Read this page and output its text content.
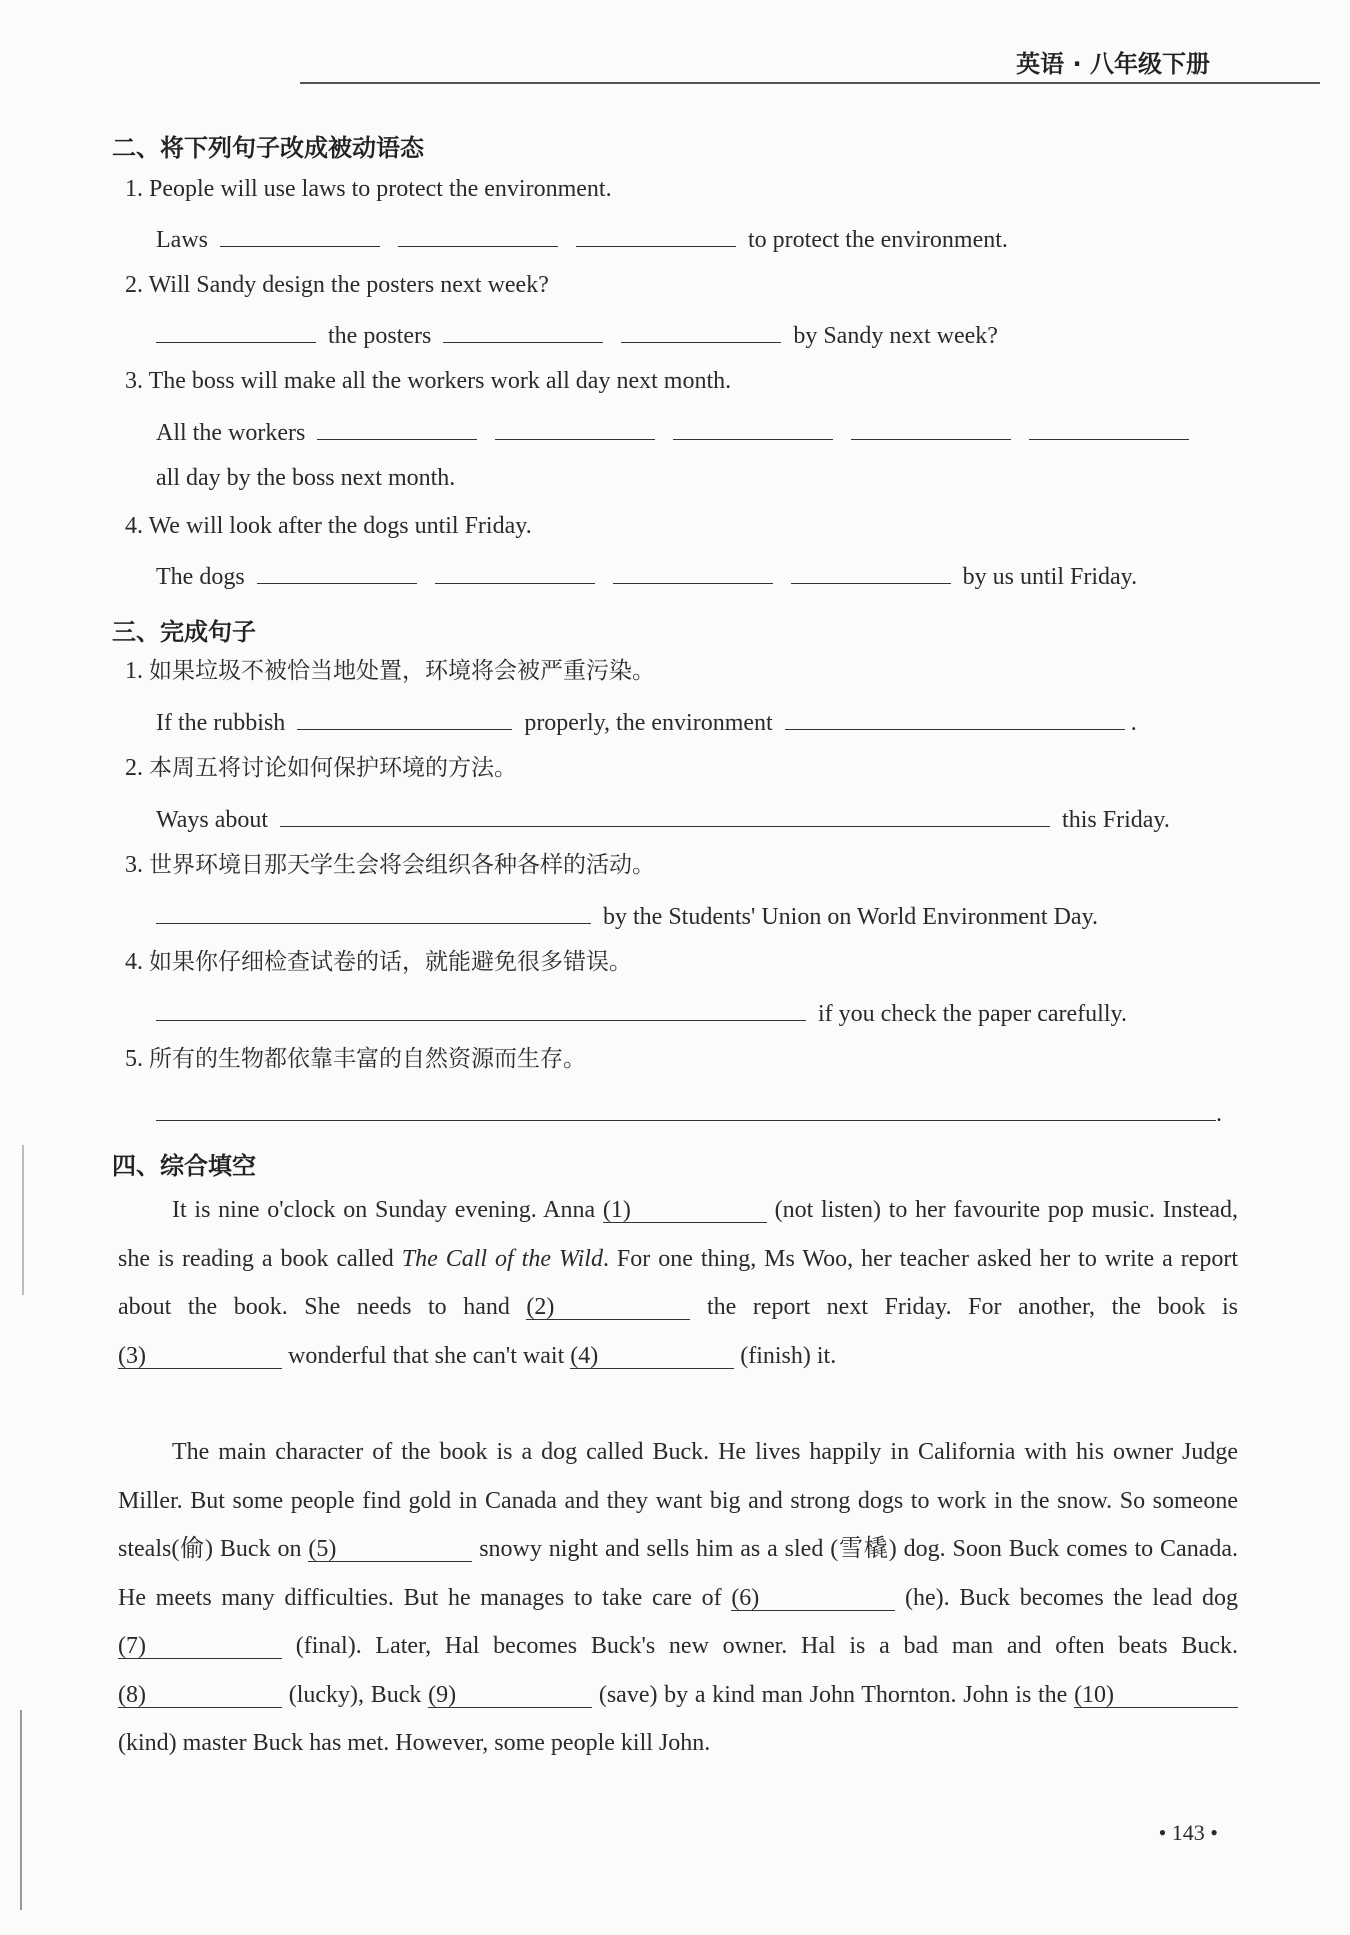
英语 · 八年级下册
二、将下列句子改成被动语态
1. People will use laws to protect the environment.
Laws	to protect the environment.
2. Will Sandy design the posters next week?
the posters	by Sandy next week?
3. The boss will make all the workers work all day next month.
All the workers
all day by the boss next month.
4. We will look after the dogs until Friday.
The dogs	by us until Friday.
三、完成句子
1. 如果垃圾不被恰当地处置，环境将会被严重污染。
If the rubbish	properly, the environment	.
2. 本周五将讨论如何保护环境的方法。
Ways about	this Friday.
3. 世界环境日那天学生会将会组织各种各样的活动。
by the Students' Union on World Environment Day.
4. 如果你仔细检查试卷的话，就能避免很多错误。
if you check the paper carefully.
5. 所有的生物都依靠丰富的自然资源而生存。
.
四、综合填空
It is nine o'clock on Sunday evening. Anna (1)	(not listen) to her favourite pop music. Instead, she is reading a book called The Call of the Wild. For one thing, Ms Woo, her teacher asked her to write a report about the book. She needs to hand (2)	the report next Friday. For another, the book is (3)	wonderful that she can't wait (4)	(finish) it.
The main character of the book is a dog called Buck. He lives happily in California with his owner Judge Miller. But some people find gold in Canada and they want big and strong dogs to work in the snow. So someone steals(偷) Buck on (5)	snowy night and sells him as a sled (雪橇) dog. Soon Buck comes to Canada. He meets many difficulties. But he manages to take care of (6)	(he). Buck becomes the lead dog (7)	(final). Later, Hal becomes Buck's new owner. Hal is a bad man and often beats Buck. (8)	(lucky), Buck (9)	(save) by a kind man John Thornton. John is the (10) (kind) master Buck has met. However, some people kill John.
• 143 •
